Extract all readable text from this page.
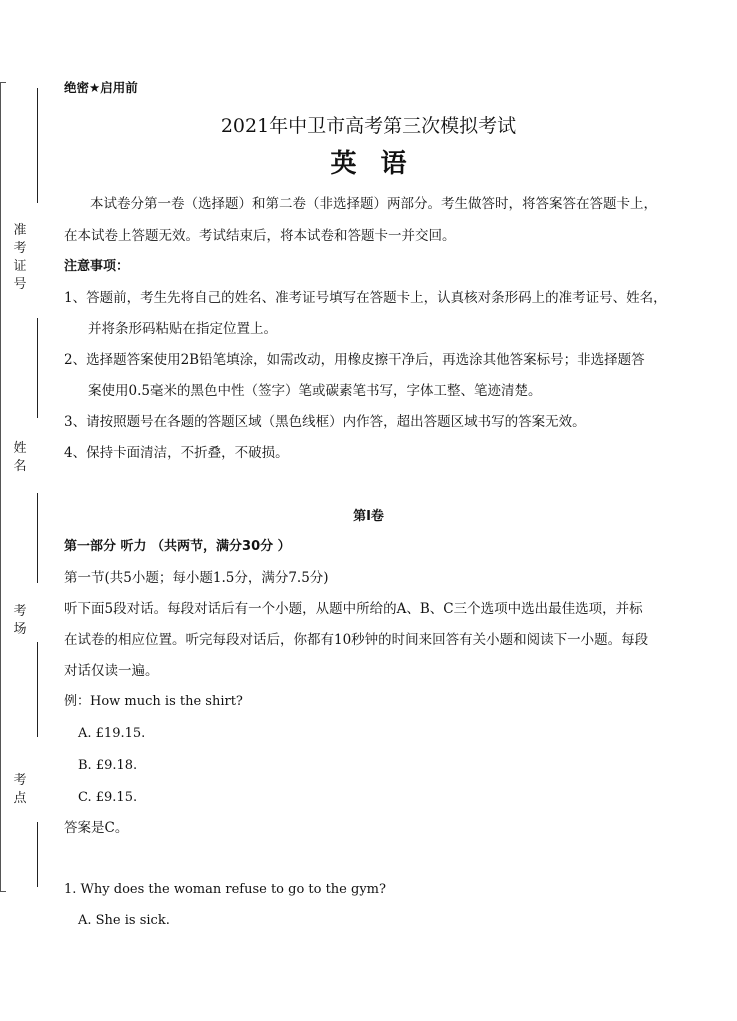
准考证号
姓名
考场
考点
绝密★启用前
2021年中卫市高考第三次模拟考试
英语
本试卷分第一卷（选择题）和第二卷（非选择题）两部分。考生做答时，将答案答在答题卡上，
在本试卷上答题无效。考试结束后，将本试卷和答题卡一并交回。
注意事项：
1、答题前，考生先将自己的姓名、准考证号填写在答题卡上，认真核对条形码上的准考证号、姓名，
并将条形码粘贴在指定位置上。
2、选择题答案使用2B铅笔填涂，如需改动，用橡皮擦干净后，再选涂其他答案标号；非选择题答
案使用0.5毫米的黑色中性（签字）笔或碳素笔书写，字体工整、笔迹清楚。
3、请按照题号在各题的答题区域（黑色线框）内作答，超出答题区域书写的答案无效。
4、保持卡面清洁，不折叠，不破损。
第I卷
第一部分 听力 （共两节，满分30分 ）
第一节(共5小题；每小题1.5分，满分7.5分)
听下面5段对话。每段对话后有一个小题，从题中所给的A、B、C三个选项中选出最佳选项，并标
在试卷的相应位置。听完每段对话后，你都有10秒钟的时间来回答有关小题和阅读下一小题。每段
对话仅读一遍。
例：How much is the shirt?
A. £19.15.
B. £9.18.
C. £9.15.
答案是C。
1. Why does the woman refuse to go to the gym?
A. She is sick.
